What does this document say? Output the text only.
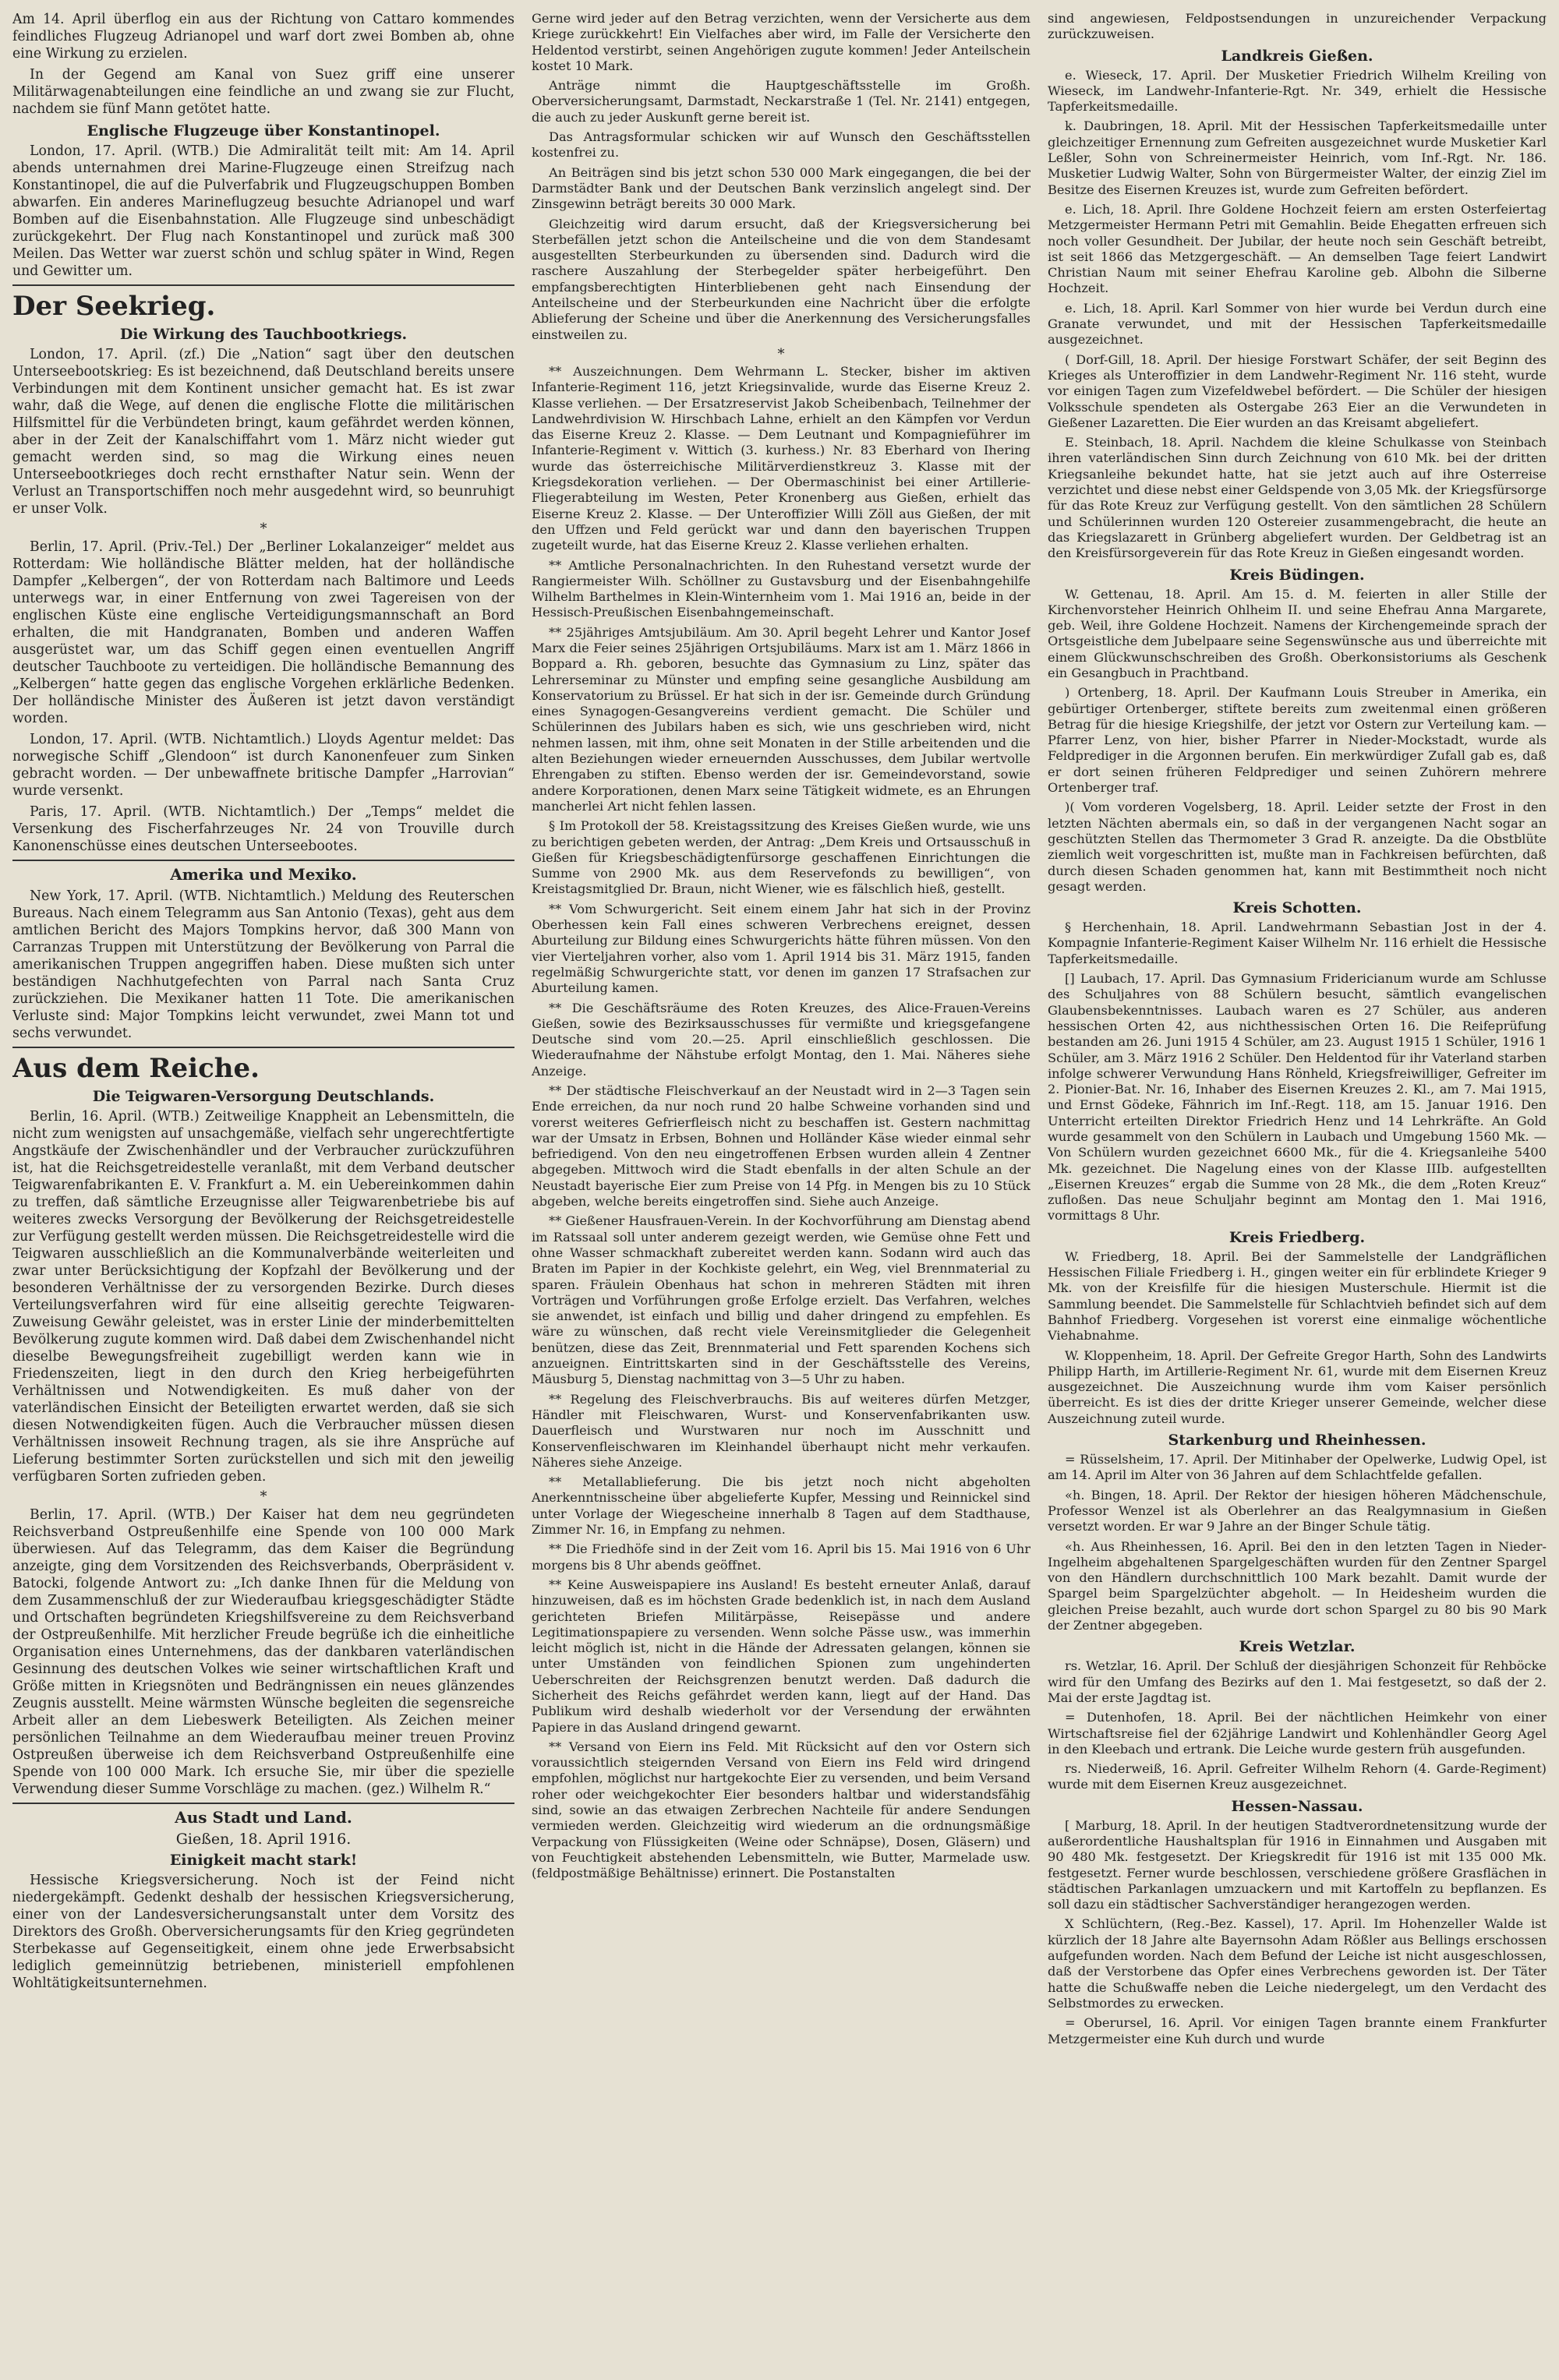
Am 14. April überflog ein aus der Richtung von Cattaro kommendes feindliches Flugzeug Adrianopel und warf dort zwei Bomben ab, ohne eine Wirkung zu erzielen.

In der Gegend am Kanal von Suez griff eine unserer Militärwagenabteilungen eine feindliche an und zwang sie zur Flucht, nachdem sie fünf Mann getötet hatte.

Englische Flugzeuge über Konstantinopel.

London, 17. April. (WTB.) Die Admiralität teilt mit: Am 14. April abends unternahmen drei Marine-Flugzeuge einen Streifzug nach Konstantinopel, die auf die Pulverfabrik und Flugzeugschuppen Bomben abwarfen. Ein anderes Marineflugzeug besuchte Adrianopel und warf Bomben auf die Eisenbahnstation. Alle Flugzeuge sind unbeschädigt zurückgekehrt. Der Flug nach Konstantinopel und zurück maß 300 Meilen. Das Wetter war zuerst schön und schlug später in Wind, Regen und Gewitter um.

Der Seekrieg.
Die Wirkung des Tauchbootkriegs.

London, 17. April. (zf.) Die „Nation“ sagt über den deutschen Unterseebootskrieg: Es ist bezeichnend, daß Deutschland bereits unsere Verbindungen mit dem Kontinent unsicher gemacht hat. Es ist zwar wahr, daß die Wege, auf denen die englische Flotte die militärischen Hilfsmittel für die Verbündeten bringt, kaum gefährdet werden können, aber in der Zeit der Kanalschiffahrt vom 1. März nicht wieder gut gemacht werden sind, so mag die Wirkung eines neuen Unterseebootkrieges doch recht ernsthafter Natur sein. Wenn der Verlust an Transportschiffen noch mehr ausgedehnt wird, so beunruhigt er unser Volk.

*

Berlin, 17. April. (Priv.-Tel.) Der „Berliner Lokalanzeiger“ meldet aus Rotterdam: Wie holländische Blätter melden, hat der holländische Dampfer „Kelbergen“, der von Rotterdam nach Baltimore und Leeds unterwegs war, in einer Entfernung von zwei Tagereisen von der englischen Küste eine englische Verteidigungsmannschaft an Bord erhalten, die mit Handgranaten, Bomben und anderen Waffen ausgerüstet war, um das Schiff gegen einen eventuellen Angriff deutscher Tauchboote zu verteidigen. Die holländische Bemannung des „Kelbergen“ hatte gegen das englische Vorgehen erklärliche Bedenken. Der holländische Minister des Äußeren ist jetzt davon verständigt worden.

London, 17. April. (WTB. Nichtamtlich.) Lloyds Agentur meldet: Das norwegische Schiff „Glendoon“ ist durch Kanonenfeuer zum Sinken gebracht worden. — Der unbewaffnete britische Dampfer „Harrovian“ wurde versenkt.

Paris, 17. April. (WTB. Nichtamtlich.) Der „Temps“ meldet die Versenkung des Fischerfahrzeuges Nr. 24 von Trouville durch Kanonenschüsse eines deutschen Unterseebootes.

Amerika und Mexiko.

New York, 17. April. (WTB. Nichtamtlich.) Meldung des Reuterschen Bureaus. Nach einem Telegramm aus San Antonio (Texas), geht aus dem amtlichen Bericht des Majors Tompkins hervor, daß 300 Mann von Carranzas Truppen mit Unterstützung der Bevölkerung von Parral die amerikanischen Truppen angegriffen haben. Diese mußten sich unter beständigen Nachhutgefechten von Parral nach Santa Cruz zurückziehen. Die Mexikaner hatten 11 Tote. Die amerikanischen Verluste sind: Major Tompkins leicht verwundet, zwei Mann tot und sechs verwundet.

Aus dem Reiche.
Die Teigwaren-Versorgung Deutschlands.

Berlin, 16. April. (WTB.) Zeitweilige Knappheit an Lebensmitteln, die nicht zum wenigsten auf unsachgemäße, vielfach sehr ungerechtfertigte Angstkäufe der Zwischenhändler und der Verbraucher zurückzuführen ist, hat die Reichsgetreidestelle veranlaßt, mit dem Verband deutscher Teigwarenfabrikanten E. V. Frankfurt a. M. ein Uebereinkommen dahin zu treffen, daß sämtliche Erzeugnisse aller Teigwarenbetriebe bis auf weiteres zwecks Versorgung der Bevölkerung der Reichsgetreidestelle zur Verfügung gestellt werden müssen. Die Reichsgetreidestelle wird die Teigwaren ausschließlich an die Kommunalverbände weiterleiten und zwar unter Berücksichtigung der Kopfzahl der Bevölkerung und der besonderen Verhältnisse der zu versorgenden Bezirke. Durch dieses Verteilungsverfahren wird für eine allseitig gerechte Teigwaren-Zuweisung Gewähr geleistet, was in erster Linie der minderbemittelten Bevölkerung zugute kommen wird. Daß dabei dem Zwischenhandel nicht dieselbe Bewegungsfreiheit zugebilligt werden kann wie in Friedenszeiten, liegt in den durch den Krieg herbeigeführten Verhältnissen und Notwendigkeiten. Es muß daher von der vaterländischen Einsicht der Beteiligten erwartet werden, daß sie sich diesen Notwendigkeiten fügen. Auch die Verbraucher müssen diesen Verhältnissen insoweit Rechnung tragen, als sie ihre Ansprüche auf Lieferung bestimmter Sorten zurückstellen und sich mit den jeweilig verfügbaren Sorten zufrieden geben.

*

Berlin, 17. April. (WTB.) Der Kaiser hat dem neu gegründeten Reichsverband Ostpreußenhilfe eine Spende von 100 000 Mark überwiesen. Auf das Telegramm, das dem Kaiser die Begründung anzeigte, ging dem Vorsitzenden des Reichsverbands, Oberpräsident v. Batocki, folgende Antwort zu: „Ich danke Ihnen für die Meldung von dem Zusammenschluß der zur Wiederaufbau kriegsgeschädigter Städte und Ortschaften begründeten Kriegshilfsvereine zu dem Reichsverband der Ostpreußenhilfe. Mit herzlicher Freude begrüße ich die einheitliche Organisation eines Unternehmens, das der dankbaren vaterländischen Gesinnung des deutschen Volkes wie seiner wirtschaftlichen Kraft und Größe mitten in Kriegsnöten und Bedrängnissen ein neues glänzendes Zeugnis ausstellt. Meine wärmsten Wünsche begleiten die segensreiche Arbeit aller an dem Liebeswerk Beteiligten. Als Zeichen meiner persönlichen Teilnahme an dem Wiederaufbau meiner treuen Provinz Ostpreußen überweise ich dem Reichsverband Ostpreußenhilfe eine Spende von 100 000 Mark. Ich ersuche Sie, mir über die spezielle Verwendung dieser Summe Vorschläge zu machen. (gez.) Wilhelm R.“

Aus Stadt und Land.
Gießen, 18. April 1916.
Einigkeit macht stark!

Hessische Kriegsversicherung. Noch ist der Feind nicht niedergekämpft. Gedenkt deshalb der hessischen Kriegsversicherung, einer von der Landesversicherungsanstalt unter dem Vorsitz des Direktors des Großh. Oberversicherungsamts für den Krieg gegründeten Sterbekasse auf Gegenseitigkeit, einem ohne jede Erwerbsabsicht lediglich gemeinnützig betriebenen, ministeriell empfohlenen Wohltätigkeitsunternehmen.

Gerne wird jeder auf den Betrag verzichten, wenn der Versicherte aus dem Kriege zurückkehrt! Ein Vielfaches aber wird, im Falle der Versicherte den Heldentod verstirbt, seinen Angehörigen zugute kommen! Jeder Anteilschein kostet 10 Mark.

Anträge nimmt die Hauptgeschäftsstelle im Großh. Oberversicherungsamt, Darmstadt, Neckarstraße 1 (Tel. Nr. 2141) entgegen, die auch zu jeder Auskunft gerne bereit ist.

Das Antragsformular schicken wir auf Wunsch den Geschäftsstellen kostenfrei zu.

An Beiträgen sind bis jetzt schon 530 000 Mark eingegangen, die bei der Darmstädter Bank und der Deutschen Bank verzinslich angelegt sind. Der Zinsgewinn beträgt bereits 30 000 Mark.

Gleichzeitig wird darum ersucht, daß der Kriegsversicherung bei Sterbefällen jetzt schon die Anteilscheine und die von dem Standesamt ausgestellten Sterbeurkunden zu übersenden sind. Dadurch wird die raschere Auszahlung der Sterbegelder später herbeigeführt. Den empfangsberechtigten Hinterbliebenen geht nach Einsendung der Anteilscheine und der Sterbeurkunden eine Nachricht über die erfolgte Ablieferung der Scheine und über die Anerkennung des Versicherungsfalles einstweilen zu.

*

** Auszeichnungen. Dem Wehrmann L. Stecker, bisher im aktiven Infanterie-Regiment 116, jetzt Kriegsinvalide, wurde das Eiserne Kreuz 2. Klasse verliehen. — Der Ersatzreservist Jakob Scheibenbach, Teilnehmer der Landwehrdivision W. Hirschbach Lahne, erhielt an den Kämpfen vor Verdun das Eiserne Kreuz 2. Klasse. — Dem Leutnant und Kompagnieführer im Infanterie-Regiment v. Wittich (3. kurhess.) Nr. 83 Eberhard von Ihering wurde das österreichische Militärverdienstkreuz 3. Klasse mit der Kriegsdekoration verliehen. — Der Obermaschinist bei einer Artillerie-Fliegerabteilung im Westen, Peter Kronenberg aus Gießen, erhielt das Eiserne Kreuz 2. Klasse. — Der Unteroffizier Willi Zöll aus Gießen, der mit den Uffzen und Feld gerückt war und dann den bayerischen Truppen zugeteilt wurde, hat das Eiserne Kreuz 2. Klasse verliehen erhalten.

** Amtliche Personalnachrichten. In den Ruhestand versetzt wurde der Rangiermeister Wilh. Schöllner zu Gustavsburg und der Eisenbahngehilfe Wilhelm Barthelmes in Klein-Winternheim vom 1. Mai 1916 an, beide in der Hessisch-Preußischen Eisenbahngemeinschaft.

** 25jähriges Amtsjubiläum. Am 30. April begeht Lehrer und Kantor Josef Marx die Feier seines 25jährigen Ortsjubiläums. Marx ist am 1. März 1866 in Boppard a. Rh. geboren, besuchte das Gymnasium zu Linz, später das Lehrerseminar zu Münster und empfing seine gesangliche Ausbildung am Konservatorium zu Brüssel. Er hat sich in der isr. Gemeinde durch Gründung eines Synagogen-Gesangvereins verdient gemacht. Die Schüler und Schülerinnen des Jubilars haben es sich, wie uns geschrieben wird, nicht nehmen lassen, mit ihm, ohne seit Monaten in der Stille arbeitenden und die alten Beziehungen wieder erneuernden Ausschusses, dem Jubilar wertvolle Ehrengaben zu stiften. Ebenso werden der isr. Gemeindevorstand, sowie andere Korporationen, denen Marx seine Tätigkeit widmete, es an Ehrungen mancherlei Art nicht fehlen lassen.

§ Im Protokoll der 58. Kreistagssitzung des Kreises Gießen wurde, wie uns zu berichtigen gebeten werden, der Antrag: „Dem Kreis und Ortsausschuß in Gießen für Kriegsbeschädigtenfürsorge geschaffenen Einrichtungen die Summe von 2900 Mk. aus dem Reservefonds zu bewilligen“, von Kreistagsmitglied Dr. Braun, nicht Wiener, wie es fälschlich hieß, gestellt.

** Vom Schwurgericht. Seit einem einem Jahr hat sich in der Provinz Oberhessen kein Fall eines schweren Verbrechens ereignet, dessen Aburteilung zur Bildung eines Schwurgerichts hätte führen müssen. Von den vier Vierteljahren vorher, also vom 1. April 1914 bis 31. März 1915, fanden regelmäßig Schwurgerichte statt, vor denen im ganzen 17 Strafsachen zur Aburteilung kamen.

** Die Geschäftsräume des Roten Kreuzes, des Alice-Frauen-Vereins Gießen, sowie des Bezirksausschusses für vermißte und kriegsgefangene Deutsche sind vom 20.—25. April einschließlich geschlossen. Die Wiederaufnahme der Nähstube erfolgt Montag, den 1. Mai. Näheres siehe Anzeige.

** Der städtische Fleischverkauf an der Neustadt wird in 2—3 Tagen sein Ende erreichen, da nur noch rund 20 halbe Schweine vorhanden sind und vorerst weiteres Gefrierfleisch nicht zu beschaffen ist. Gestern nachmittag war der Umsatz in Erbsen, Bohnen und Holländer Käse wieder einmal sehr befriedigend. Von den neu eingetroffenen Erbsen wurden allein 4 Zentner abgegeben. Mittwoch wird die Stadt ebenfalls in der alten Schule an der Neustadt bayerische Eier zum Preise von 14 Pfg. in Mengen bis zu 10 Stück abgeben, welche bereits eingetroffen sind. Siehe auch Anzeige.

** Gießener Hausfrauen-Verein. In der Kochvorführung am Dienstag abend im Ratssaal soll unter anderem gezeigt werden, wie Gemüse ohne Fett und ohne Wasser schmackhaft zubereitet werden kann. Sodann wird auch das Braten im Papier in der Kochkiste gelehrt, ein Weg, viel Brennmaterial zu sparen. Fräulein Obenhaus hat schon in mehreren Städten mit ihren Vorträgen und Vorführungen große Erfolge erzielt. Das Verfahren, welches sie anwendet, ist einfach und billig und daher dringend zu empfehlen. Es wäre zu wünschen, daß recht viele Vereinsmitglieder die Gelegenheit benützen, diese das Zeit, Brennmaterial und Fett sparenden Kochens sich anzueignen. Eintrittskarten sind in der Geschäftsstelle des Vereins, Mäusburg 5, Dienstag nachmittag von 3—5 Uhr zu haben.

** Regelung des Fleischverbrauchs. Bis auf weiteres dürfen Metzger, Händler mit Fleischwaren, Wurst- und Konservenfabrikanten usw. Dauerfleisch und Wurstwaren nur noch im Ausschnitt und Konservenfleischwaren im Kleinhandel überhaupt nicht mehr verkaufen. Näheres siehe Anzeige.

** Metallablieferung. Die bis jetzt noch nicht abgeholten Anerkenntnisscheine über abgelieferte Kupfer, Messing und Reinnickel sind unter Vorlage der Wiegescheine innerhalb 8 Tagen auf dem Stadthause, Zimmer Nr. 16, in Empfang zu nehmen.

** Die Friedhöfe sind in der Zeit vom 16. April bis 15. Mai 1916 von 6 Uhr morgens bis 8 Uhr abends geöffnet.

** Keine Ausweispapiere ins Ausland! Es besteht erneuter Anlaß, darauf hinzuweisen, daß es im höchsten Grade bedenklich ist, in nach dem Ausland gerichteten Briefen Militärpässe, Reisepässe und andere Legitimationspapiere zu versenden. Wenn solche Pässe usw., was immerhin leicht möglich ist, nicht in die Hände der Adressaten gelangen, können sie unter Umständen von feindlichen Spionen zum ungehinderten Ueberschreiten der Reichsgrenzen benutzt werden. Daß dadurch die Sicherheit des Reichs gefährdet werden kann, liegt auf der Hand. Das Publikum wird deshalb wiederholt vor der Versendung der erwähnten Papiere in das Ausland dringend gewarnt.

** Versand von Eiern ins Feld. Mit Rücksicht auf den vor Ostern sich voraussichtlich steigernden Versand von Eiern ins Feld wird dringend empfohlen, möglichst nur hartgekochte Eier zu versenden, und beim Versand roher oder weichgekochter Eier besonders haltbar und widerstandsfähig sind, sowie an das etwaigen Zerbrechen Nachteile für andere Sendungen vermieden werden. Gleichzeitig wird wiederum an die ordnungsmäßige Verpackung von Flüssigkeiten (Weine oder Schnäpse), Dosen, Gläsern) und von Feuchtigkeit abstehenden Lebensmitteln, wie Butter, Marmelade usw. (feldpostmäßige Behältnisse) erinnert. Die Postanstalten

sind angewiesen, Feldpostsendungen in unzureichender Verpackung zurückzuweisen.

Landkreis Gießen.

e. Wieseck, 17. April. Der Musketier Friedrich Wilhelm Kreiling von Wieseck, im Landwehr-Infanterie-Rgt. Nr. 349, erhielt die Hessische Tapferkeitsmedaille.

k. Daubringen, 18. April. Mit der Hessischen Tapferkeitsmedaille unter gleichzeitiger Ernennung zum Gefreiten ausgezeichnet wurde Musketier Karl Leßler, Sohn von Schreinermeister Heinrich, vom Inf.-Rgt. Nr. 186. Musketier Ludwig Walter, Sohn von Bürgermeister Walter, der einzig Ziel im Besitze des Eisernen Kreuzes ist, wurde zum Gefreiten befördert.

e. Lich, 18. April. Ihre Goldene Hochzeit feiern am ersten Osterfeiertag Metzgermeister Hermann Petri mit Gemahlin. Beide Ehegatten erfreuen sich noch voller Gesundheit. Der Jubilar, der heute noch sein Geschäft betreibt, ist seit 1866 das Metzgergeschäft. — An demselben Tage feiert Landwirt Christian Naum mit seiner Ehefrau Karoline geb. Albohn die Silberne Hochzeit.

e. Lich, 18. April. Karl Sommer von hier wurde bei Verdun durch eine Granate verwundet, und mit der Hessischen Tapferkeitsmedaille ausgezeichnet.

( Dorf-Gill, 18. April. Der hiesige Forstwart Schäfer, der seit Beginn des Krieges als Unteroffizier in dem Landwehr-Regiment Nr. 116 steht, wurde vor einigen Tagen zum Vizefeldwebel befördert. — Die Schüler der hiesigen Volksschule spendeten als Ostergabe 263 Eier an die Verwundeten in Gießener Lazaretten. Die Eier wurden an das Kreisamt abgeliefert.

E. Steinbach, 18. April. Nachdem die kleine Schulkasse von Steinbach ihren vaterländischen Sinn durch Zeichnung von 610 Mk. bei der dritten Kriegsanleihe bekundet hatte, hat sie jetzt auch auf ihre Osterreise verzichtet und diese nebst einer Geldspende von 3,05 Mk. der Kriegsfürsorge für das Rote Kreuz zur Verfügung gestellt. Von den sämtlichen 28 Schülern und Schülerinnen wurden 120 Ostereier zusammengebracht, die heute an das Kriegslazarett in Grünberg abgeliefert wurden. Der Geldbetrag ist an den Kreisfürsorgeverein für das Rote Kreuz in Gießen eingesandt worden.

Kreis Büdingen.

W. Gettenau, 18. April. Am 15. d. M. feierten in aller Stille der Kirchenvorsteher Heinrich Ohlheim II. und seine Ehefrau Anna Margarete, geb. Weil, ihre Goldene Hochzeit. Namens der Kirchengemeinde sprach der Ortsgeistliche dem Jubelpaare seine Segenswünsche aus und überreichte mit einem Glückwunschschreiben des Großh. Oberkonsistoriums als Geschenk ein Gesangbuch in Prachtband.

) Ortenberg, 18. April. Der Kaufmann Louis Streuber in Amerika, ein gebürtiger Ortenberger, stiftete bereits zum zweitenmal einen größeren Betrag für die hiesige Kriegshilfe, der jetzt vor Ostern zur Verteilung kam. — Pfarrer Lenz, von hier, bisher Pfarrer in Nieder-Mockstadt, wurde als Feldprediger in die Argonnen berufen. Ein merkwürdiger Zufall gab es, daß er dort seinen früheren Feldprediger und seinen Zuhörern mehrere Ortenberger traf.

)( Vom vorderen Vogelsberg, 18. April. Leider setzte der Frost in den letzten Nächten abermals ein, so daß in der vergangenen Nacht sogar an geschützten Stellen das Thermometer 3 Grad R. anzeigte. Da die Obstblüte ziemlich weit vorgeschritten ist, mußte man in Fachkreisen befürchten, daß durch diesen Schaden genommen hat, kann mit Bestimmtheit noch nicht gesagt werden.

Kreis Schotten.

§ Herchenhain, 18. April. Landwehrmann Sebastian Jost in der 4. Kompagnie Infanterie-Regiment Kaiser Wilhelm Nr. 116 erhielt die Hessische Tapferkeitsmedaille.

[] Laubach, 17. April. Das Gymnasium Fridericianum wurde am Schlusse des Schuljahres von 88 Schülern besucht, sämtlich evangelischen Glaubensbekenntnisses. Laubach waren es 27 Schüler, aus anderen hessischen Orten 42, aus nichthessischen Orten 16. Die Reifeprüfung bestanden am 26. Juni 1915 4 Schüler, am 23. August 1915 1 Schüler, 1916 1 Schüler, am 3. März 1916 2 Schüler. Den Heldentod für ihr Vaterland starben infolge schwerer Verwundung Hans Rönheld, Kriegsfreiwilliger, Gefreiter im 2. Pionier-Bat. Nr. 16, Inhaber des Eisernen Kreuzes 2. Kl., am 7. Mai 1915, und Ernst Gödeke, Fähnrich im Inf.-Regt. 118, am 15. Januar 1916. Den Unterricht erteilten Direktor Friedrich Henz und 14 Lehrkräfte. An Gold wurde gesammelt von den Schülern in Laubach und Umgebung 1560 Mk. — Von Schülern wurden gezeichnet 6600 Mk., für die 4. Kriegsanleihe 5400 Mk. gezeichnet. Die Nagelung eines von der Klasse IIIb. aufgestellten „Eisernen Kreuzes“ ergab die Summe von 28 Mk., die dem „Roten Kreuz“ zufloßen. Das neue Schuljahr beginnt am Montag den 1. Mai 1916, vormittags 8 Uhr.

Kreis Friedberg.

W. Friedberg, 18. April. Bei der Sammelstelle der Landgräflichen Hessischen Filiale Friedberg i. H., gingen weiter ein für erblindete Krieger 9 Mk. von der Kreisfilfe für die hiesigen Musterschule. Hiermit ist die Sammlung beendet. Die Sammelstelle für Schlachtvieh befindet sich auf dem Bahnhof Friedberg. Vorgesehen ist vorerst eine einmalige wöchentliche Viehabnahme.

W. Kloppenheim, 18. April. Der Gefreite Gregor Harth, Sohn des Landwirts Philipp Harth, im Artillerie-Regiment Nr. 61, wurde mit dem Eisernen Kreuz ausgezeichnet. Die Auszeichnung wurde ihm vom Kaiser persönlich überreicht. Es ist dies der dritte Krieger unserer Gemeinde, welcher diese Auszeichnung zuteil wurde.

Starkenburg und Rheinhessen.

= Rüsselsheim, 17. April. Der Mitinhaber der Opelwerke, Ludwig Opel, ist am 14. April im Alter von 36 Jahren auf dem Schlachtfelde gefallen.

«h. Bingen, 18. April. Der Rektor der hiesigen höheren Mädchenschule, Professor Wenzel ist als Oberlehrer an das Realgymnasium in Gießen versetzt worden. Er war 9 Jahre an der Binger Schule tätig.

«h. Aus Rheinhessen, 16. April. Bei den in den letzten Tagen in Nieder-Ingelheim abgehaltenen Spargelgeschäften wurden für den Zentner Spargel von den Händlern durchschnittlich 100 Mark bezahlt. Damit wurde der Spargel beim Spargelzüchter abgeholt. — In Heidesheim wurden die gleichen Preise bezahlt, auch wurde dort schon Spargel zu 80 bis 90 Mark der Zentner abgegeben.

Kreis Wetzlar.

rs. Wetzlar, 16. April. Der Schluß der diesjährigen Schonzeit für Rehböcke wird für den Umfang des Bezirks auf den 1. Mai festgesetzt, so daß der 2. Mai der erste Jagdtag ist.

= Dutenhofen, 18. April. Bei der nächtlichen Heimkehr von einer Wirtschaftsreise fiel der 62jährige Landwirt und Kohlenhändler Georg Agel in den Kleebach und ertrank. Die Leiche wurde gestern früh ausgefunden.

rs. Niederweiß, 16. April. Gefreiter Wilhelm Rehorn (4. Garde-Regiment) wurde mit dem Eisernen Kreuz ausgezeichnet.

Hessen-Nassau.

[ Marburg, 18. April. In der heutigen Stadtverordnetensitzung wurde der außerordentliche Haushaltsplan für 1916 in Einnahmen und Ausgaben mit 90 480 Mk. festgesetzt. Der Kriegskredit für 1916 ist mit 135 000 Mk. festgesetzt. Ferner wurde beschlossen, verschiedene größere Grasflächen in städtischen Parkanlagen umzuackern und mit Kartoffeln zu bepflanzen. Es soll dazu ein städtischer Sachverständiger herangezogen werden.

X Schlüchtern, (Reg.-Bez. Kassel), 17. April. Im Hohenzeller Walde ist kürzlich der 18 Jahre alte Bayernsohn Adam Rößler aus Bellings erschossen aufgefunden worden. Nach dem Befund der Leiche ist nicht ausgeschlossen, daß der Verstorbene das Opfer eines Verbrechens geworden ist. Der Täter hatte die Schußwaffe neben die Leiche niedergelegt, um den Verdacht des Selbstmordes zu erwecken.

= Oberursel, 16. April. Vor einigen Tagen brannte einem Frankfurter Metzgermeister eine Kuh durch und wurde
